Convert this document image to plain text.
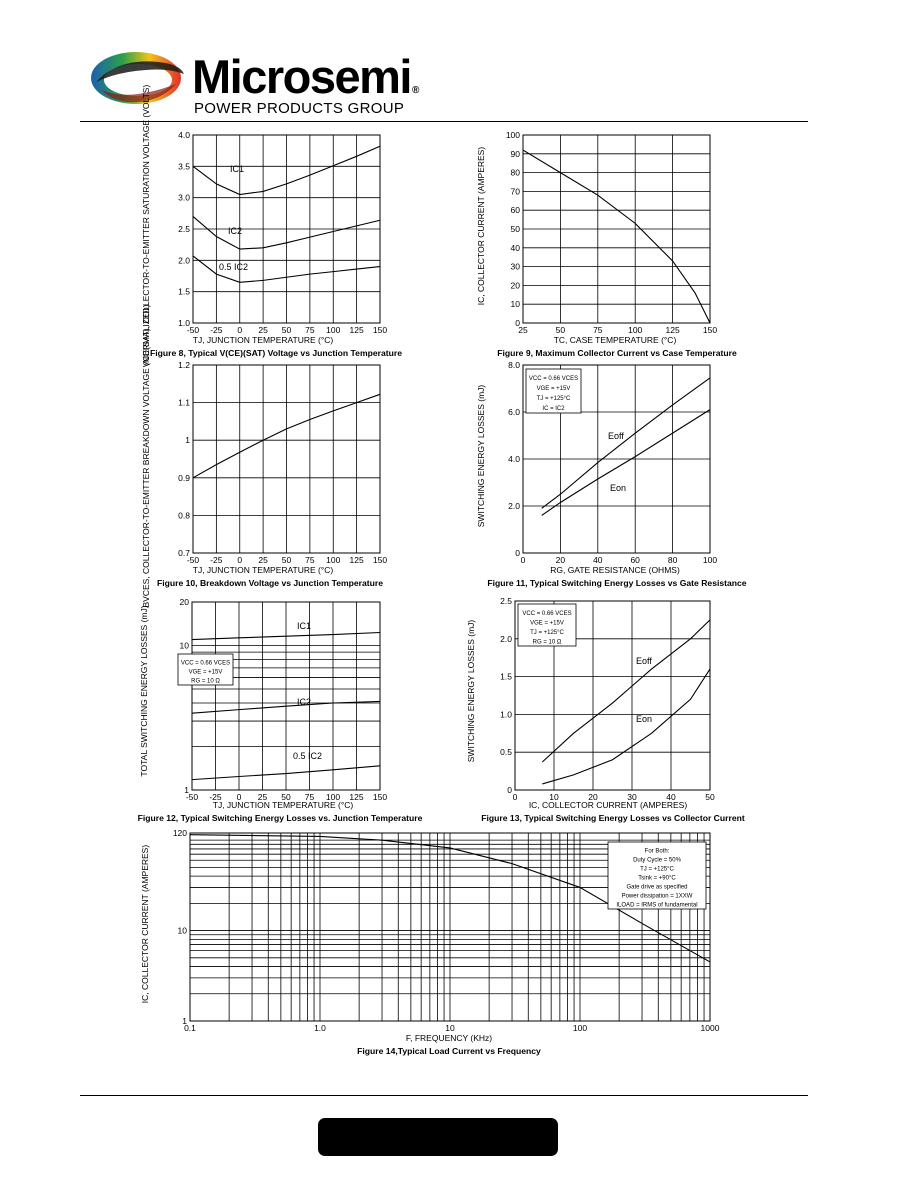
Microsemi®
POWER PRODUCTS GROUP
-50 -25 0 25 50 75 100 125 150
1.0
1.5
2.0
2.5
3.0
3.5
4.0
TJ, JUNCTION TEMPERATURE (°C)
VCE(SAT), COLLECTOR-TO-EMITTER SATURATION VOLTAGE (VOLTS) Figure 8, Typical V(CE)(SAT) Voltage vs Junction Temperature
IC1
IC2
0.5 IC2
25	50	75	100	125	150
0
10
20
30
40
50
60
70
80
90
100
TC, CASE TEMPERATURE (°C)
IC, COLLECTOR CURRENT (AMPERES)
Figure 9, Maximum Collector Current vs Case Temperature
-50 -25 0 25 50 75 100 125 150
0.7
0.8
0.9
1
1.1
1.2
TJ, JUNCTION TEMPERATURE (°C)
BVCES, COLLECTOR-TO-EMITTER BREAKDOWN VOLTAGE (NORMALIZED) Figure 10, Breakdown Voltage vs Junction Temperature
0	20	40	60	80	100
0
2.0
4.0
6.0
8.0
RG, GATE RESISTANCE (OHMS)
SWITCHING ENERGY LOSSES (mJ)
Figure 11, Typical Switching Energy Losses vs Gate Resistance
Eoff
Eon
VCC = 0.66 VCES
VGE = +15V
TJ = +125°C
IC = IC2
-50 -25 0 25 50 75 100 125 150
1
10
20
TJ, JUNCTION TEMPERATURE (°C)
TOTAL SWITCHING ENERGY LOSSES (mJ)
Figure 12, Typical Switching Energy Losses vs. Junction Temperature
IC1
IC2
0.5 IC2
VCC = 0.66 VCES
VGE = +15V
RG = 10 Ω
0	10	20	30	40	50
0
0.5
1.0
1.5
2.0
2.5
IC, COLLECTOR CURRENT (AMPERES)
SWITCHING ENERGY LOSSES (mJ)
Figure 13, Typical Switching Energy Losses vs Collector Current
Eoff
Eon
VCC = 0.66 VCES
VGE = +15V
TJ = +125°C
RG = 10 Ω
0.1	1.0	10	100	1000
1
10
120
F, FREQUENCY (KHz)
IC, COLLECTOR CURRENT (AMPERES)
Figure 14,Typical Load Current vs Frequency
For Both:
Duty Cycle = 50%
TJ = +125°C
Tsink = +90°C
Gate drive as specified
Power dissipation = 1XXW
ILOAD = IRMS of fundamental
